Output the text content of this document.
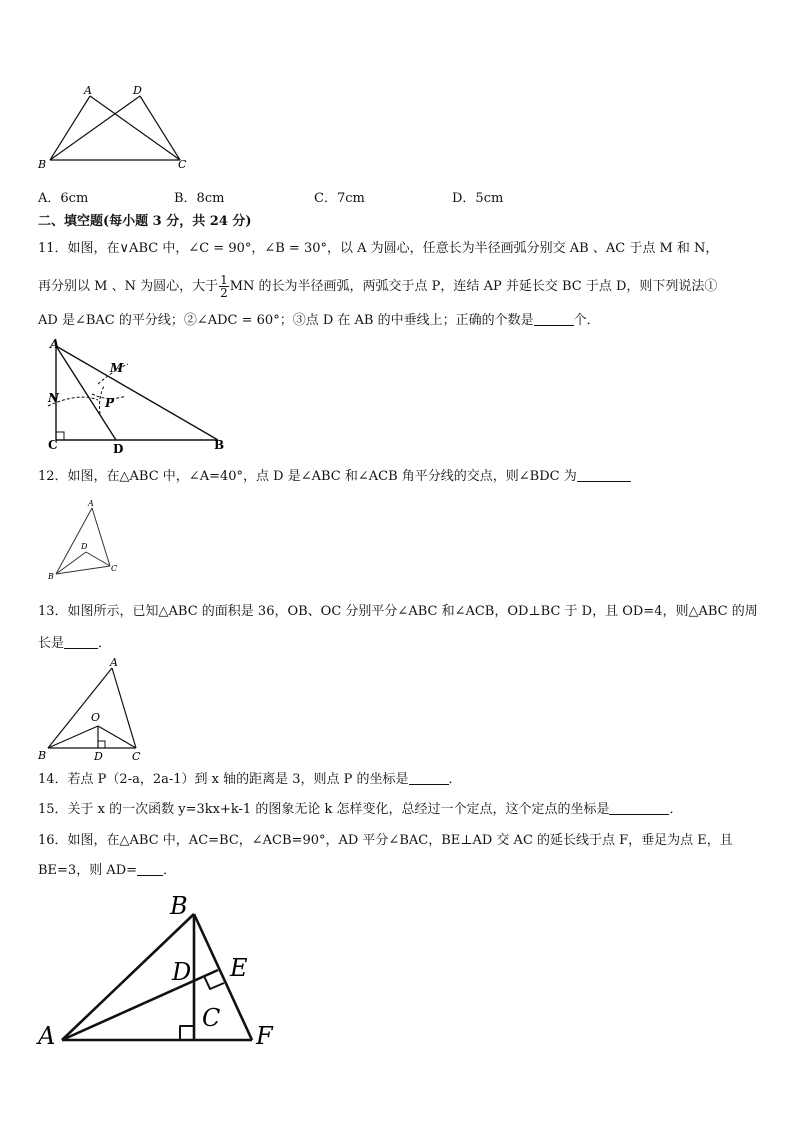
A	D
B	C
A．6cm	B．8cm	C．7cm	D．5cm
二、填空题(每小题 3 分，共 24 分)
11．如图，在∨ABC 中，∠C = 90°，∠B = 30°，以 A 为圆心，任意长为半径画弧分别交 AB 、AC 于点 M 和 N，
再分别以 M 、N 为圆心，大于 $\frac{1}{2}$ MN 的长为半径画弧，两弧交于点 P，连结 AP 并延长交 BC 于点 D，则下列说法①
AD 是∠BAC 的平分线；②∠ADC = 60°；③点 D 在 AB 的中垂线上；正确的个数是	个．
A
M
N	P
C	D	B
12．如图，在△ABC 中，∠A=40°，点 D 是∠ABC 和∠ACB 角平分线的交点，则∠BDC 为
A
D
B
C
13．如图所示，已知△ABC 的面积是 36，OB、OC 分别平分∠ABC 和∠ACB，OD⊥BC 于 D，且 OD=4，则△ABC 的周
长是	．
A
O
B	D	C
14．若点 P（2-a，2a-1）到 x 轴的距离是 3，则点 P 的坐标是	．
15．关于 x 的一次函数 y=3kx+k-1 的图象无论 k 怎样变化，总经过一个定点，这个定点的坐标是	．
16．如图，在△ABC 中，AC=BC，∠ACB=90°，AD 平分∠BAC，BE⊥AD 交 AC 的延长线于点 F，垂足为点 E，且
BE=3，则 AD= ．
B
D E
C
A	F
